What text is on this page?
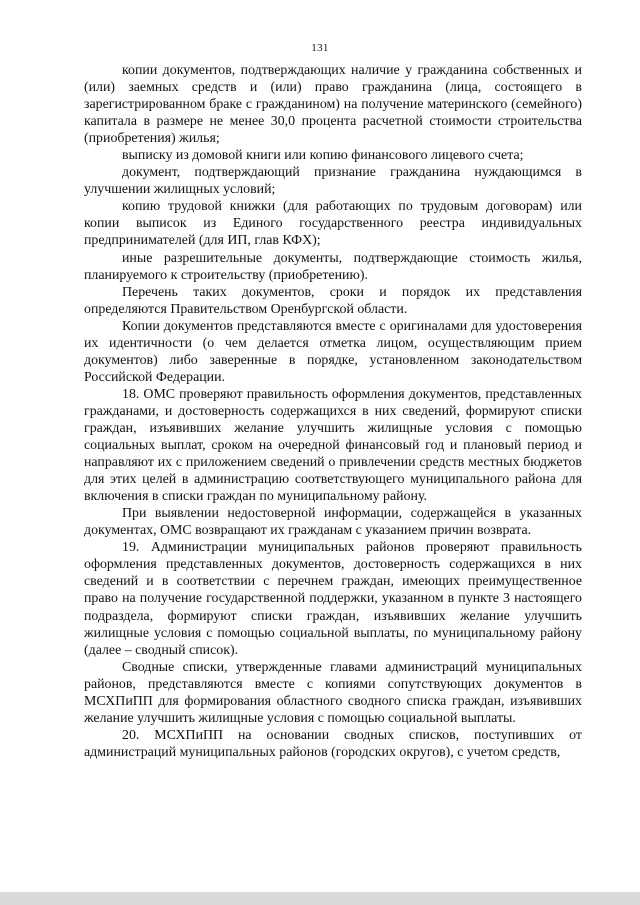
131

копии документов, подтверждающих наличие у гражданина собственных и (или) заемных средств и (или) право гражданина (лица, состоящего в зарегистрированном браке с гражданином) на получение материнского (семейного) капитала в размере не менее 30,0 процента расчетной стоимости строительства (приобретения) жилья;

выписку из домовой книги или копию финансового лицевого счета;

документ, подтверждающий признание гражданина нуждающимся в улучшении жилищных условий;

копию трудовой книжки (для работающих по трудовым договорам) или копии выписок из Единого государственного реестра индивидуальных предпринимателей (для ИП, глав КФХ);

иные разрешительные документы, подтверждающие стоимость жилья, планируемого к строительству (приобретению).

Перечень таких документов, сроки и порядок их представления определяются Правительством Оренбургской области.

Копии документов представляются вместе с оригиналами для удостоверения их идентичности (о чем делается отметка лицом, осуществляющим прием документов) либо заверенные в порядке, установленном законодательством Российской Федерации.

18. ОМС проверяют правильность оформления документов, представленных гражданами, и достоверность содержащихся в них сведений, формируют списки граждан, изъявивших желание улучшить жилищные условия с помощью социальных выплат, сроком на очередной финансовый год и плановый период и направляют их с приложением сведений о привлечении средств местных бюджетов для этих целей в администрацию соответствующего муниципального района для включения в списки граждан по муниципальному району.

При выявлении недостоверной информации, содержащейся в указанных документах, ОМС возвращают их гражданам с указанием причин возврата.

19. Администрации муниципальных районов проверяют правильность оформления представленных документов, достоверность содержащихся в них сведений и в соответствии с перечнем граждан, имеющих преимущественное право на получение государственной поддержки, указанном в пункте 3 настоящего подраздела, формируют списки граждан, изъявивших желание улучшить жилищные условия с помощью социальной выплаты, по муниципальному району (далее – сводный список).

Сводные списки, утвержденные главами администраций муниципальных районов, представляются вместе с копиями сопутствующих документов в МСХПиПП для формирования областного сводного списка граждан, изъявивших желание улучшить жилищные условия с помощью социальной выплаты.

20. МСХПиПП на основании сводных списков, поступивших от администраций муниципальных районов (городских округов), с учетом средств,
